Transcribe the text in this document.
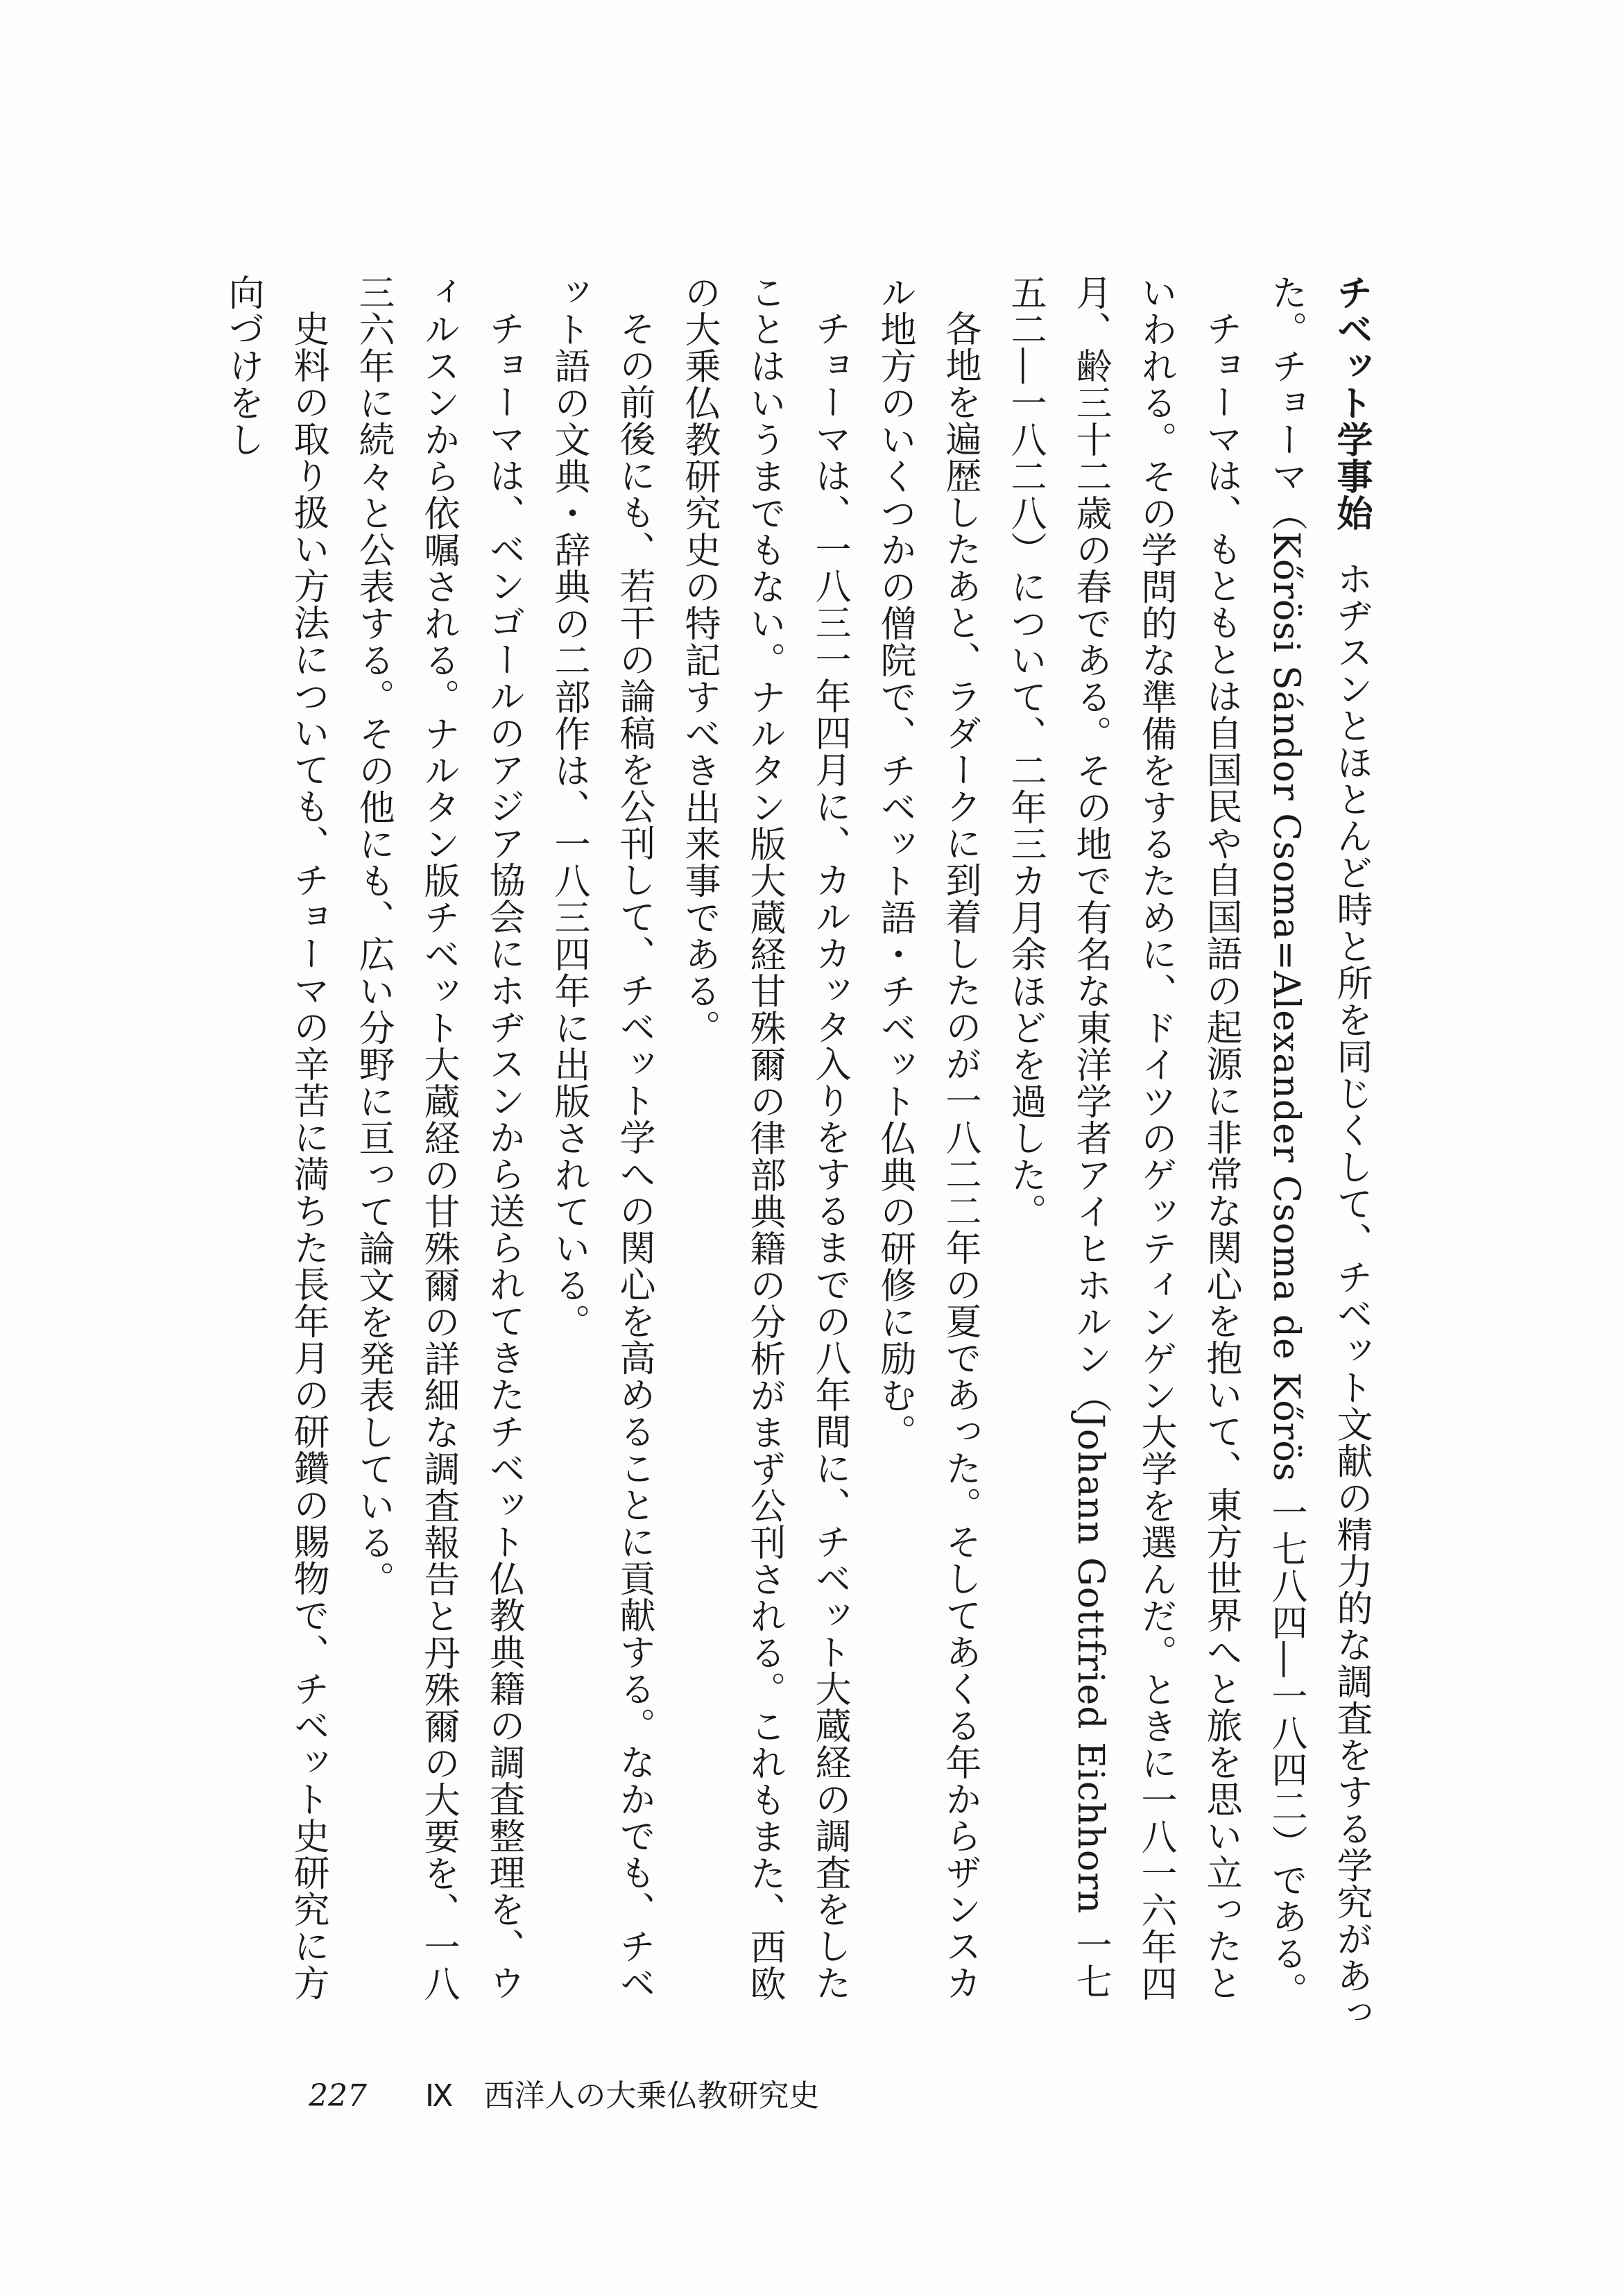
チベット学事始ホヂスンとほとんど時と所を同じくして、チベット文献の精力的な調査をする学究があった。チョーマ（Kőrösi Sándor Csoma=Alexander Csoma de Kőrös 一七八四―一八四二）である。

チョーマは、もともとは自国民や自国語の起源に非常な関心を抱いて、東方世界へと旅を思い立ったといわれる。その学問的な準備をするために、ドイツのゲッティンゲン大学を選んだ。ときに一八一六年四月、齢三十二歳の春である。その地で有名な東洋学者アイヒホルン（Johann Gottfried Eichhorn 一七五二―一八二八）について、二年三カ月余ほどを過した。

各地を遍歴したあと、ラダークに到着したのが一八二二年の夏であった。そしてあくる年からザンスカル地方のいくつかの僧院で、チベット語・チベット仏典の研修に励む。

チョーマは、一八三一年四月に、カルカッタ入りをするまでの八年間に、チベット大蔵経の調査をしたことはいうまでもない。ナルタン版大蔵経甘殊爾の律部典籍の分析がまず公刊される。これもまた、西欧の大乗仏教研究史の特記すべき出来事である。

その前後にも、若干の論稿を公刊して、チベット学への関心を高めることに貢献する。なかでも、チベット語の文典・辞典の二部作は、一八三四年に出版されている。

チョーマは、ベンゴールのアジア協会にホヂスンから送られてきたチベット仏教典籍の調査整理を、ウィルスンから依嘱される。ナルタン版チベット大蔵経の甘殊爾の詳細な調査報告と丹殊爾の大要を、一八三六年に続々と公表する。その他にも、広い分野に亘って論文を発表している。

史料の取り扱い方法についても、チョーマの辛苦に満ちた長年月の研鑽の賜物で、チベット史研究に方向づけをし

227 Ⅸ 西洋人の大乗仏教研究史
